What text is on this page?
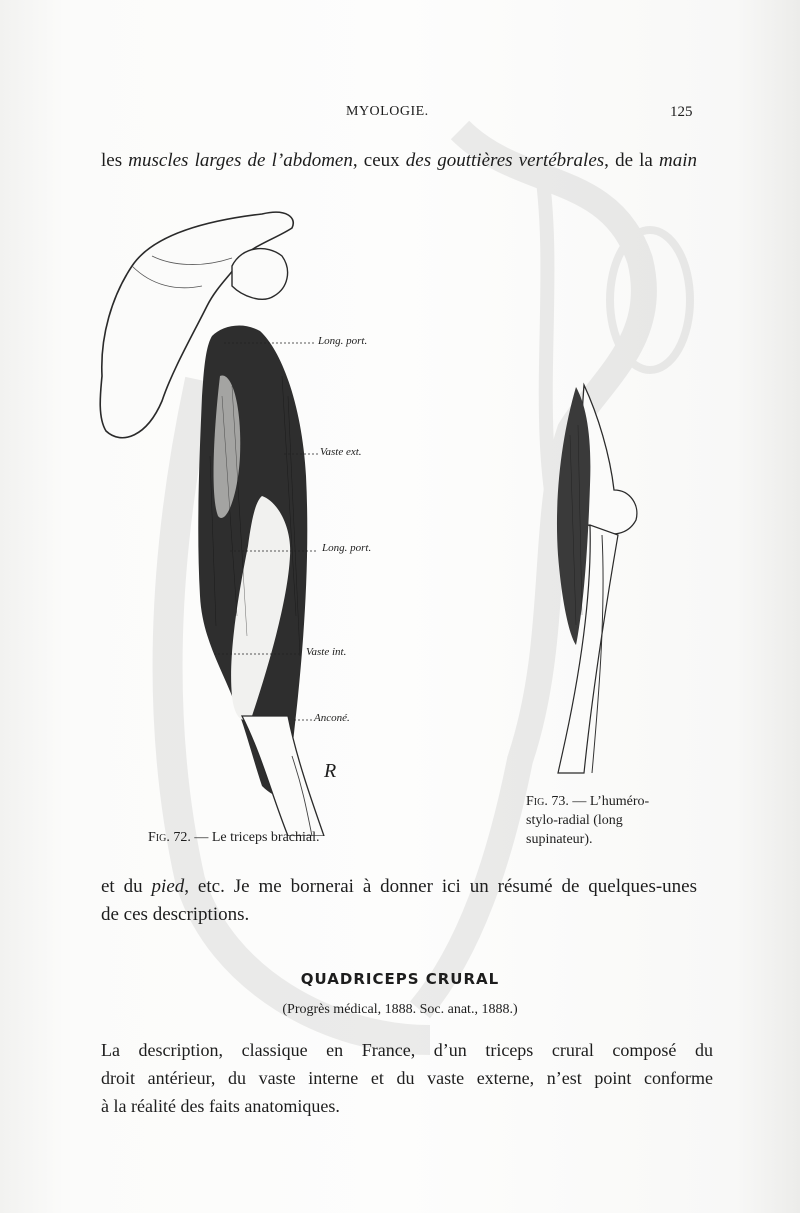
MYOLOGIE.	125
les muscles larges de l’abdomen, ceux des gouttières vertébrales, de la main
Long. port.
Vaste ext.
Long. port.
Vaste int.
Anconé.
R
Fig. 72. — Le triceps brachial.
Fig. 73. — L’huméro-stylo-radial (long supinateur).
et du pied, etc. Je me bornerai à donner ici un résumé de quelques-unes
de ces descriptions.
QUADRICEPS CRURAL
(Progrès médical, 1888. Soc. anat., 1888.)
La description, classique en France, d’un triceps crural composé du
droit antérieur, du vaste interne et du vaste externe, n’est point conforme
à la réalité des faits anatomiques.
